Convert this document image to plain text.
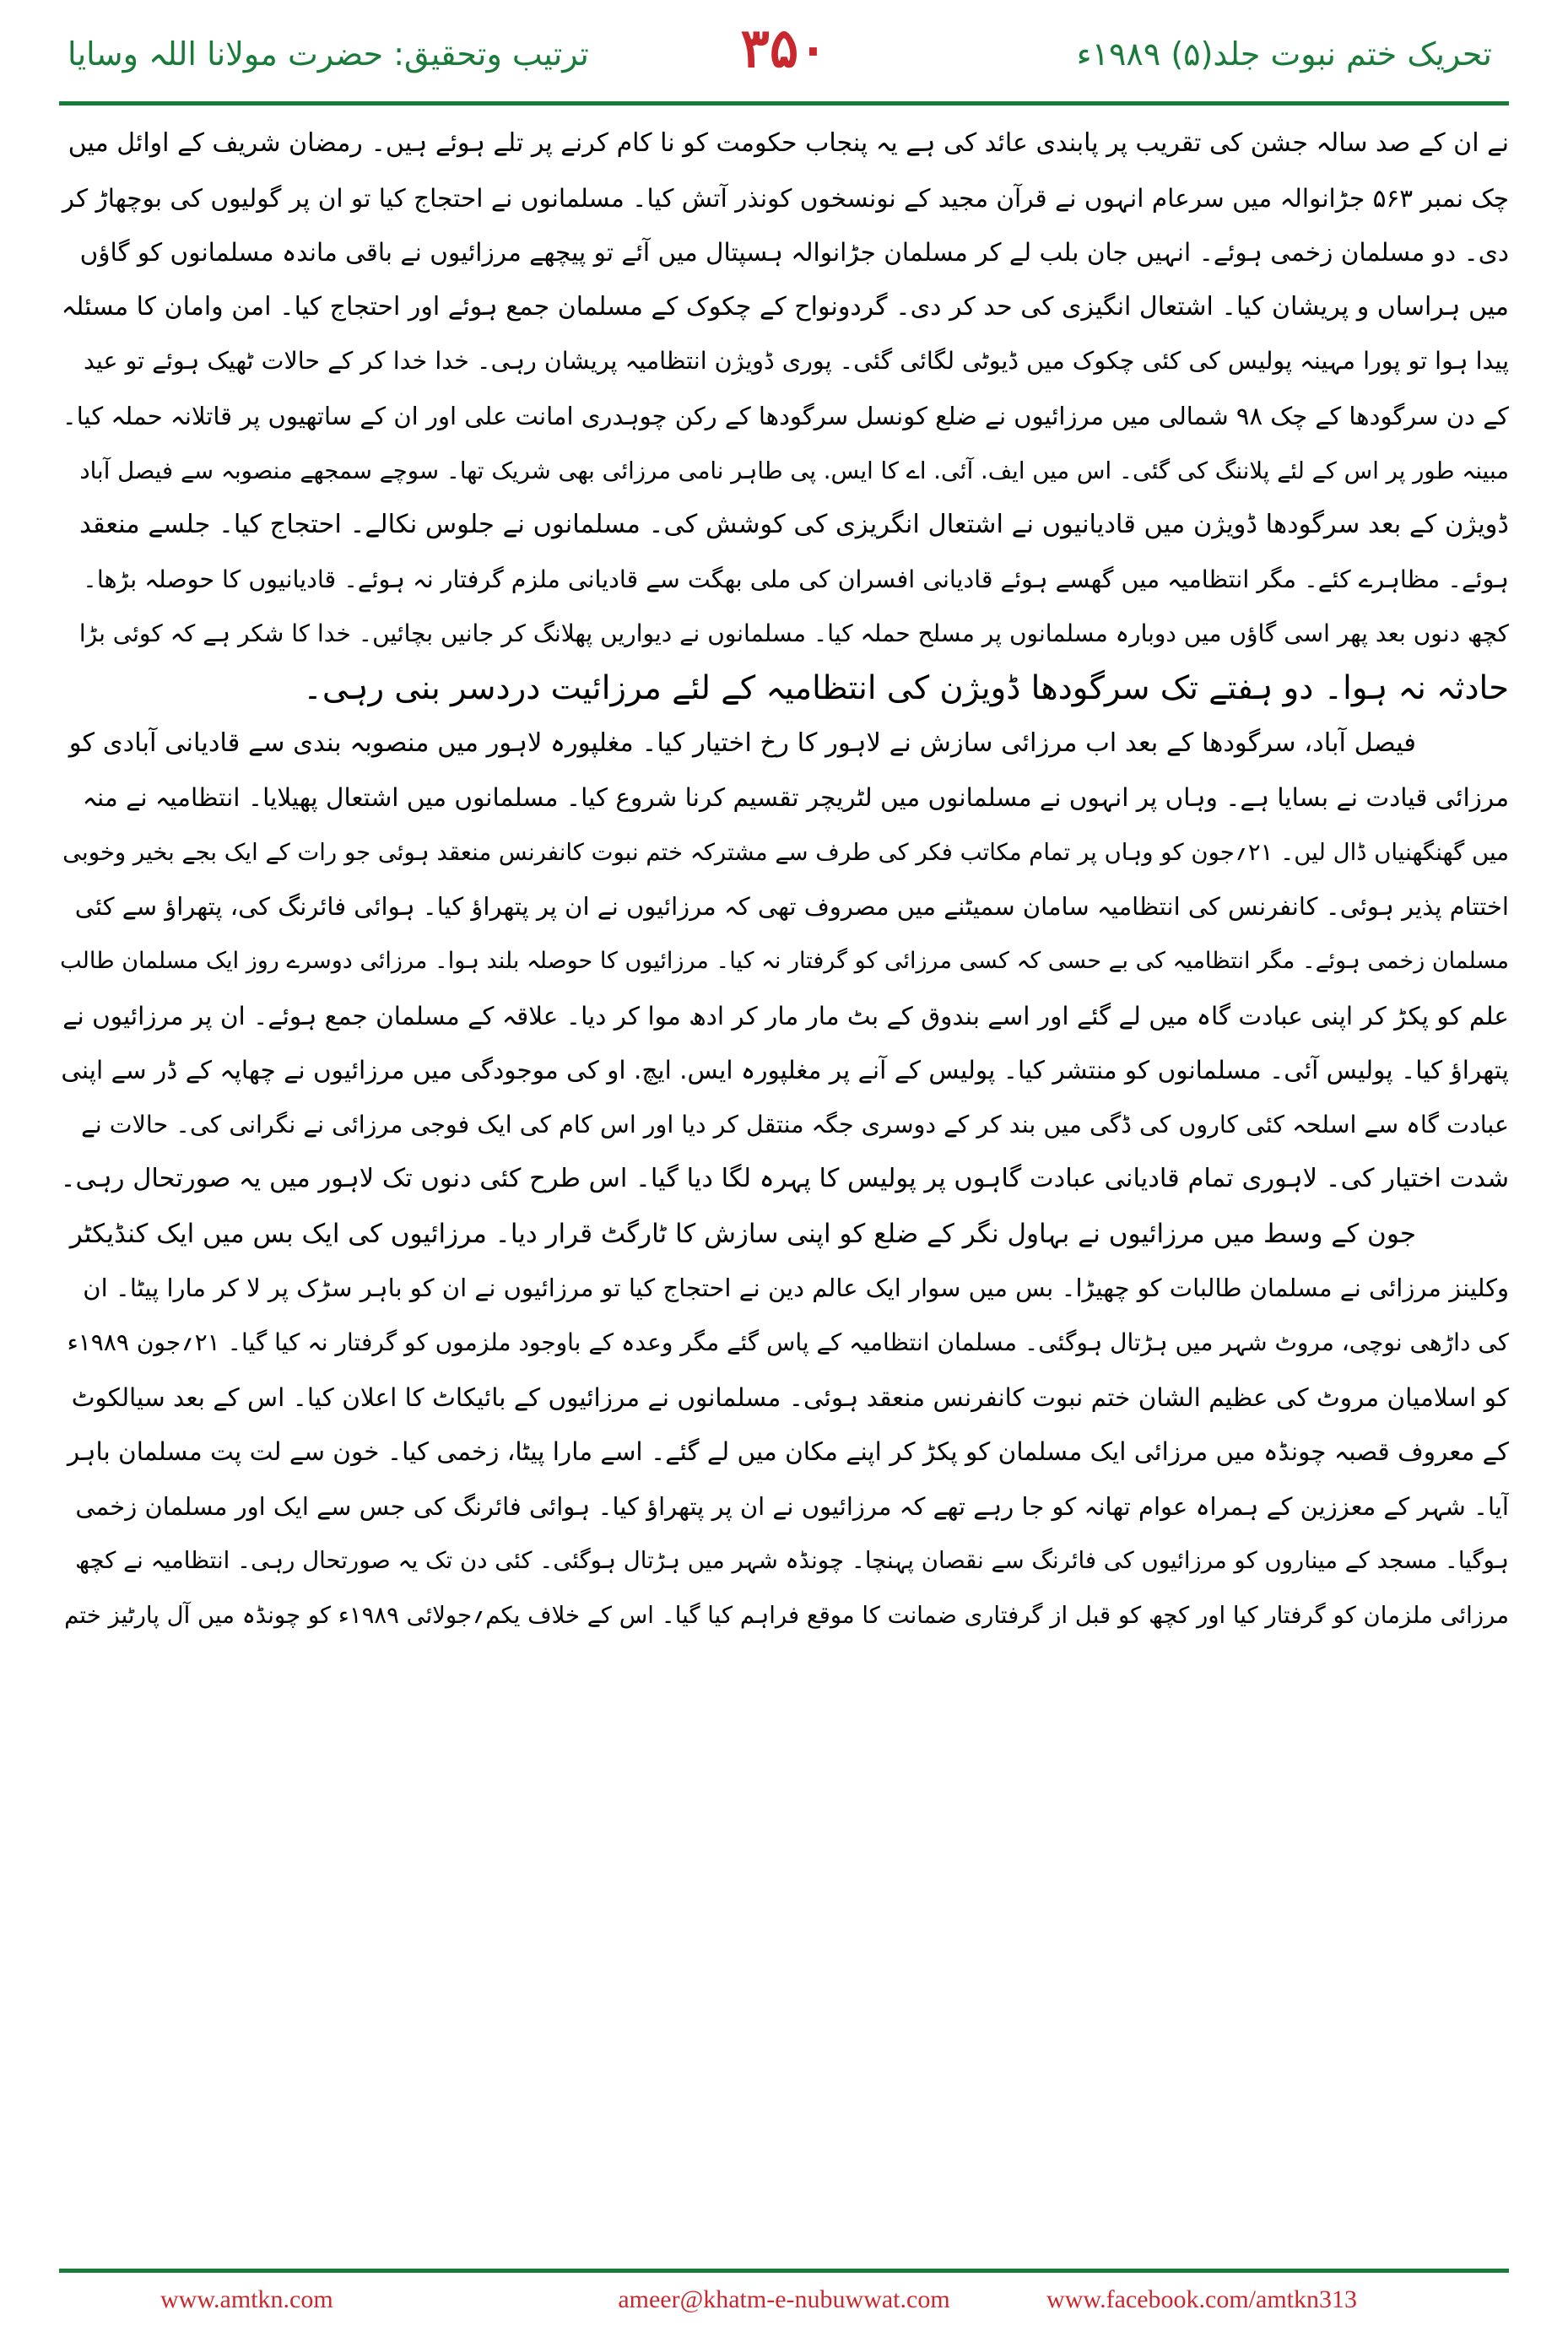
تحریک ختم نبوت جلد(۵) ۱۹۸۹ء
۳۵۰
ترتیب وتحقیق: حضرت مولانا اللہ وسایا
نے ان کے صد سالہ جشن کی تقریب پر پابندی عائد کی ہے یہ پنجاب حکومت کو نا کام کرنے پر تلے ہوئے ہیں۔ رمضان شریف کے اوائل میں
چک نمبر ۵۶۳ جڑانوالہ میں سرعام انہوں نے قرآن مجید کے نونسخوں کونذر آتش کیا۔ مسلمانوں نے احتجاج کیا تو ان پر گولیوں کی بوچھاڑ کر
دی۔ دو مسلمان زخمی ہوئے۔ انہیں جان بلب لے کر مسلمان جڑانوالہ ہسپتال میں آئے تو پیچھے مرزائیوں نے باقی ماندہ مسلمانوں کو گاؤں
میں ہراساں و پریشان کیا۔ اشتعال انگیزی کی حد کر دی۔ گردونواح کے چکوک کے مسلمان جمع ہوئے اور احتجاج کیا۔ امن وامان کا مسئلہ
پیدا ہوا تو پورا مہینہ پولیس کی کئی چکوک میں ڈیوٹی لگائی گئی۔ پوری ڈویژن انتظامیہ پریشان رہی۔ خدا خدا کر کے حالات ٹھیک ہوئے تو عید
کے دن سرگودھا کے چک ۹۸ شمالی میں مرزائیوں نے ضلع کونسل سرگودھا کے رکن چوہدری امانت علی اور ان کے ساتھیوں پر قاتلانہ حملہ کیا۔
مبینہ طور پر اس کے لئے پلاننگ کی گئی۔ اس میں ایف. آئی. اے کا ایس. پی طاہر نامی مرزائی بھی شریک تھا۔ سوچے سمجھے منصوبہ سے فیصل آباد
ڈویژن کے بعد سرگودھا ڈویژن میں قادیانیوں نے اشتعال انگریزی کی کوشش کی۔ مسلمانوں نے جلوس نکالے۔ احتجاج کیا۔ جلسے منعقد
ہوئے۔ مظاہرے کئے۔ مگر انتظامیہ میں گھسے ہوئے قادیانی افسران کی ملی بھگت سے قادیانی ملزم گرفتار نہ ہوئے۔ قادیانیوں کا حوصلہ بڑھا۔
کچھ دنوں بعد پھر اسی گاؤں میں دوبارہ مسلمانوں پر مسلح حملہ کیا۔ مسلمانوں نے دیواریں پھلانگ کر جانیں بچائیں۔ خدا کا شکر ہے کہ کوئی بڑا
حادثہ نہ ہوا۔ دو ہفتے تک سرگودھا ڈویژن کی انتظامیہ کے لئے مرزائیت دردسر بنی رہی۔
فیصل آباد، سرگودھا کے بعد اب مرزائی سازش نے لاہور کا رخ اختیار کیا۔ مغلپورہ لاہور میں منصوبہ بندی سے قادیانی آبادی کو
مرزائی قیادت نے بسایا ہے۔ وہاں پر انہوں نے مسلمانوں میں لٹریچر تقسیم کرنا شروع کیا۔ مسلمانوں میں اشتعال پھیلایا۔ انتظامیہ نے منہ
میں گھنگھنیاں ڈال لیں۔ ۲۱؍جون کو وہاں پر تمام مکاتب فکر کی طرف سے مشترکہ ختم نبوت کانفرنس منعقد ہوئی جو رات کے ایک بجے بخیر وخوبی
اختتام پذیر ہوئی۔ کانفرنس کی انتظامیہ سامان سمیٹنے میں مصروف تھی کہ مرزائیوں نے ان پر پتھراؤ کیا۔ ہوائی فائرنگ کی، پتھراؤ سے کئی
مسلمان زخمی ہوئے۔ مگر انتظامیہ کی بے حسی کہ کسی مرزائی کو گرفتار نہ کیا۔ مرزائیوں کا حوصلہ بلند ہوا۔ مرزائی دوسرے روز ایک مسلمان طالب
علم کو پکڑ کر اپنی عبادت گاہ میں لے گئے اور اسے بندوق کے بٹ مار مار کر ادھ موا کر دیا۔ علاقہ کے مسلمان جمع ہوئے۔ ان پر مرزائیوں نے
پتھراؤ کیا۔ پولیس آئی۔ مسلمانوں کو منتشر کیا۔ پولیس کے آنے پر مغلپورہ ایس. ایچ. او کی موجودگی میں مرزائیوں نے چھاپہ کے ڈر سے اپنی
عبادت گاہ سے اسلحہ کئی کاروں کی ڈگی میں بند کر کے دوسری جگہ منتقل کر دیا اور اس کام کی ایک فوجی مرزائی نے نگرانی کی۔ حالات نے
شدت اختیار کی۔ لاہوری تمام قادیانی عبادت گاہوں پر پولیس کا پہرہ لگا دیا گیا۔ اس طرح کئی دنوں تک لاہور میں یہ صورتحال رہی۔
جون کے وسط میں مرزائیوں نے بہاول نگر کے ضلع کو اپنی سازش کا ٹارگٹ قرار دیا۔ مرزائیوں کی ایک بس میں ایک کنڈیکٹر
وکلینز مرزائی نے مسلمان طالبات کو چھیڑا۔ بس میں سوار ایک عالم دین نے احتجاج کیا تو مرزائیوں نے ان کو باہر سڑک پر لا کر مارا پیٹا۔ ان
کی داڑھی نوچی، مروٹ شہر میں ہڑتال ہوگئی۔ مسلمان انتظامیہ کے پاس گئے مگر وعدہ کے باوجود ملزموں کو گرفتار نہ کیا گیا۔ ۲۱؍جون ۱۹۸۹ء
کو اسلامیان مروٹ کی عظیم الشان ختم نبوت کانفرنس منعقد ہوئی۔ مسلمانوں نے مرزائیوں کے بائیکاٹ کا اعلان کیا۔ اس کے بعد سیالکوٹ
کے معروف قصبہ چونڈہ میں مرزائی ایک مسلمان کو پکڑ کر اپنے مکان میں لے گئے۔ اسے مارا پیٹا، زخمی کیا۔ خون سے لت پت مسلمان باہر
آیا۔ شہر کے معززین کے ہمراہ عوام تھانہ کو جا رہے تھے کہ مرزائیوں نے ان پر پتھراؤ کیا۔ ہوائی فائرنگ کی جس سے ایک اور مسلمان زخمی
ہوگیا۔ مسجد کے میناروں کو مرزائیوں کی فائرنگ سے نقصان پہنچا۔ چونڈہ شہر میں ہڑتال ہوگئی۔ کئی دن تک یہ صورتحال رہی۔ انتظامیہ نے کچھ
مرزائی ملزمان کو گرفتار کیا اور کچھ کو قبل از گرفتاری ضمانت کا موقع فراہم کیا گیا۔ اس کے خلاف یکم؍جولائی ۱۹۸۹ء کو چونڈہ میں آل پارٹیز ختم
www.amtkn.com	ameer@khatm-e-nubuwwat.com	www.facebook.com/amtkn313
